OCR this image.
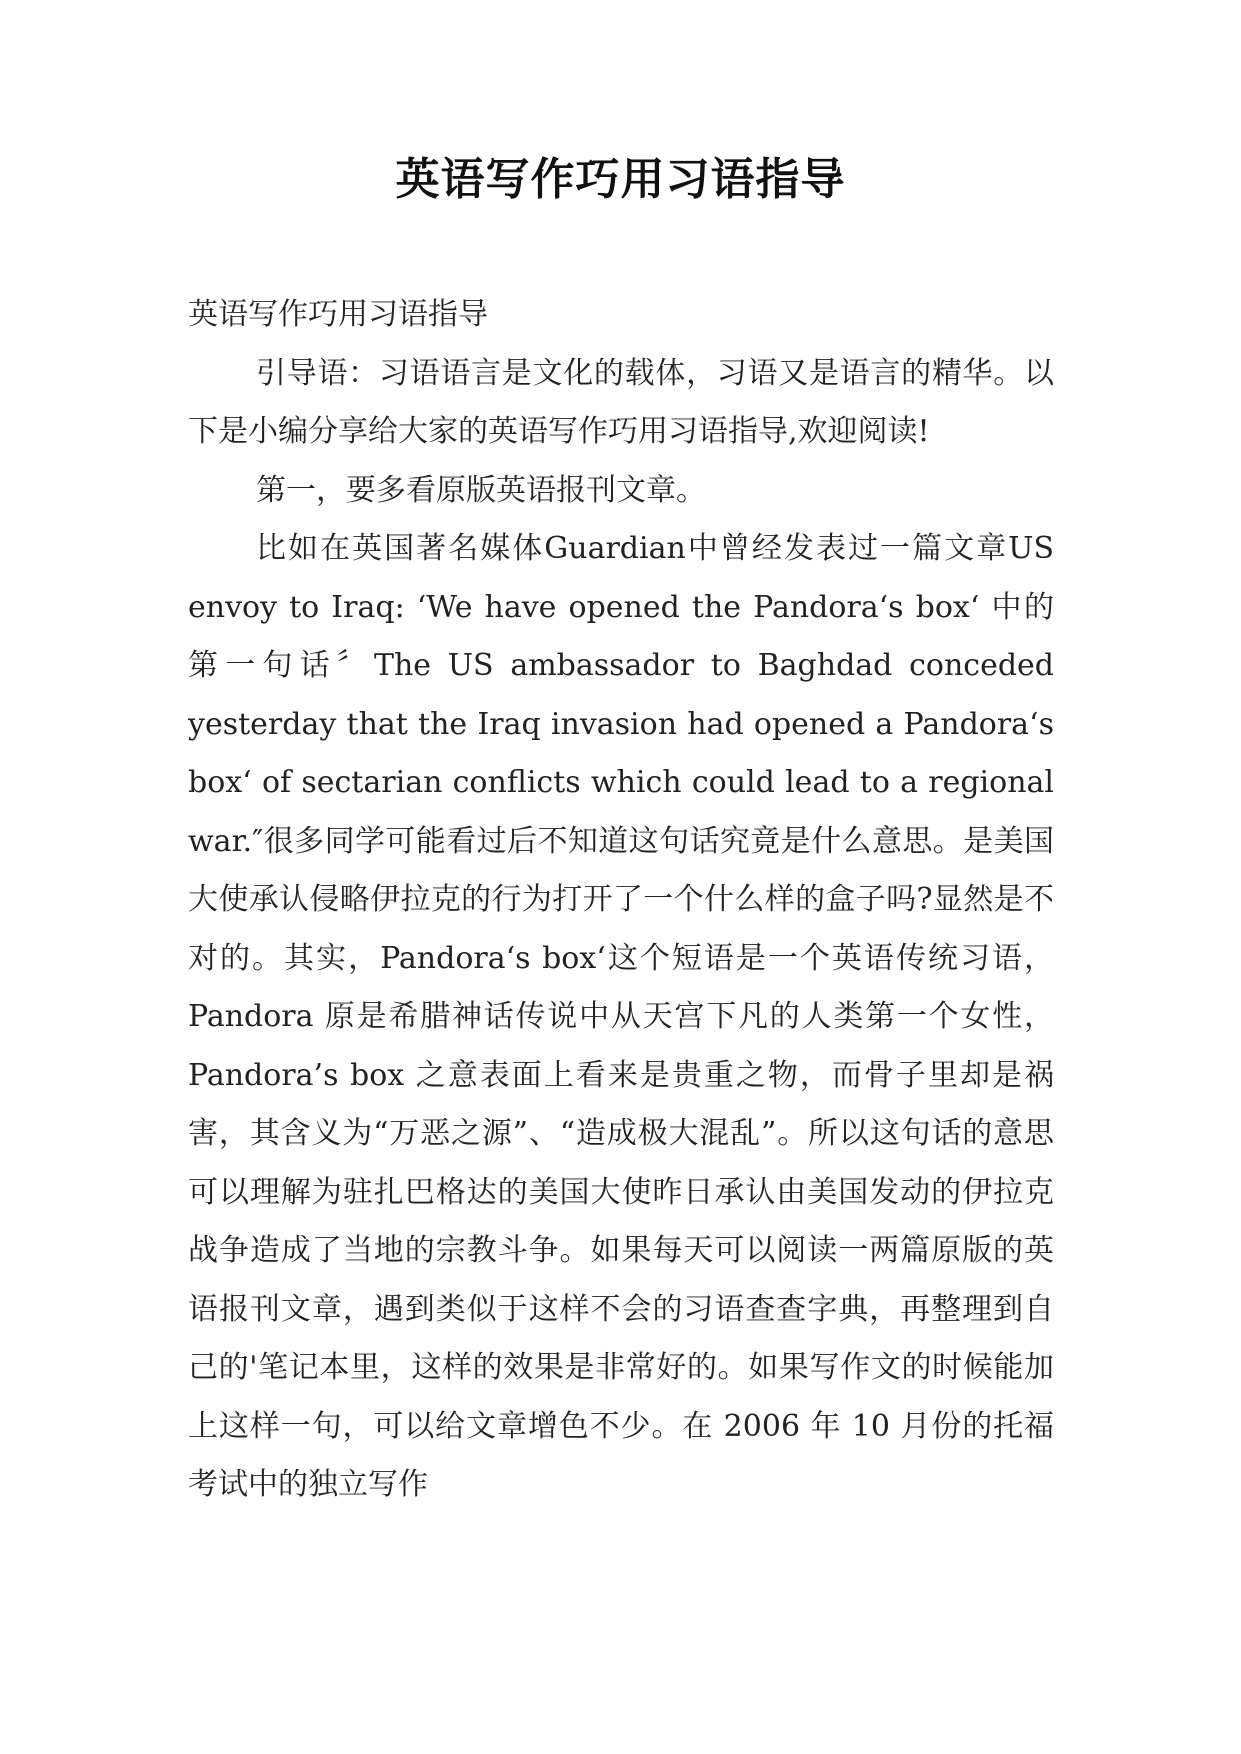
英语写作巧用习语指导

英语写作巧用习语指导

引导语：习语语言是文化的载体，习语又是语言的精华。以下是小编分享给大家的英语写作巧用习语指导,欢迎阅读!

第一，要多看原版英语报刊文章。

比如在英国著名媒体Guardian中曾经发表过一篇文章US envoy to Iraq: ‘We have opened the Pandora‘s box‘ 中的第一句话〞The US ambassador to Baghdad conceded yesterday that the Iraq invasion had opened a Pandora‘s box‘ of sectarian conflicts which could lead to a regional war.″很多同学可能看过后不知道这句话究竟是什么意思。是美国大使承认侵略伊拉克的行为打开了一个什么样的盒子吗?显然是不对的。其实，Pandora‘s box‘这个短语是一个英语传统习语，Pandora 原是希腊神话传说中从天宫下凡的人类第一个女性，Pandora’s box 之意表面上看来是贵重之物，而骨子里却是祸害，其含义为“万恶之源”、“造成极大混乱”。所以这句话的意思可以理解为驻扎巴格达的美国大使昨日承认由美国发动的伊拉克战争造成了当地的宗教斗争。如果每天可以阅读一两篇原版的英语报刊文章，遇到类似于这样不会的习语查查字典，再整理到自己的'笔记本里，这样的效果是非常好的。如果写作文的时候能加上这样一句，可以给文章增色不少。在 2006 年 10 月份的托福考试中的独立写作
